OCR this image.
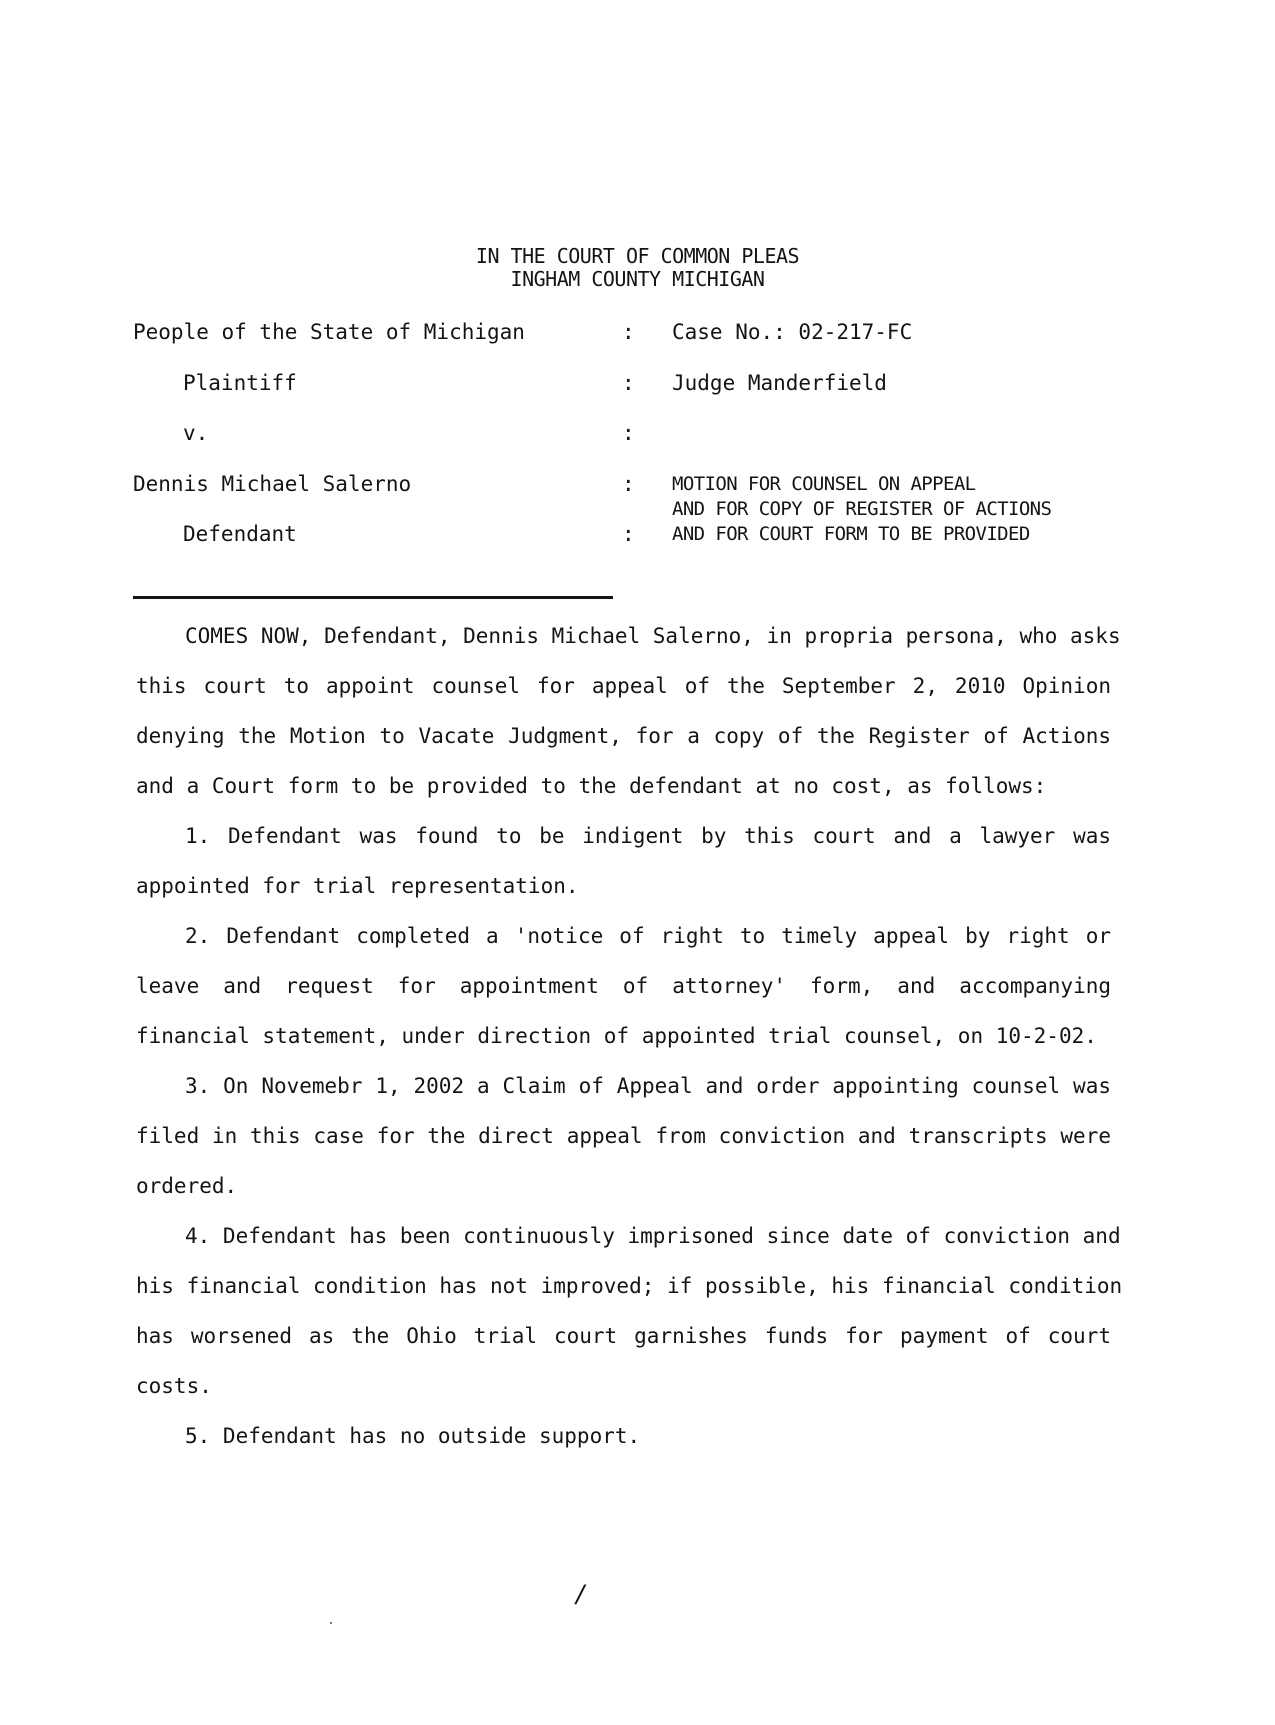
IN THE COURT OF COMMON PLEAS
INGHAM COUNTY MICHIGAN
People of the State of Michigan
Plaintiff
v.
Dennis Michael Salerno
Defendant
:
:
:
:
:
Case No.: 02-217-FC
Judge Manderfield
MOTION FOR COUNSEL ON APPEAL
AND FOR COPY OF REGISTER OF ACTIONS
AND FOR COURT FORM TO BE PROVIDED
COMES NOW, Defendant, Dennis Michael Salerno, in propria persona, who asks
this court to appoint counsel for appeal of the September 2, 2010 Opinion
denying the Motion to Vacate Judgment, for a copy of the Register of Actions
and a Court form to be provided to the defendant at no cost, as follows:
1. Defendant was found to be indigent by this court and a lawyer was
appointed for trial representation.
2. Defendant completed a 'notice of right to timely appeal by right or
leave and request for appointment of attorney' form, and accompanying
financial statement, under direction of appointed trial counsel, on 10-2-02.
3. On Novemebr 1, 2002 a Claim of Appeal and order appointing counsel was
filed in this case for the direct appeal from conviction and transcripts were
ordered.
4. Defendant has been continuously imprisoned since date of conviction and
his financial condition has not improved; if possible, his financial condition
has worsened as the Ohio trial court garnishes funds for payment of court
costs.
5. Defendant has no outside support.
/
